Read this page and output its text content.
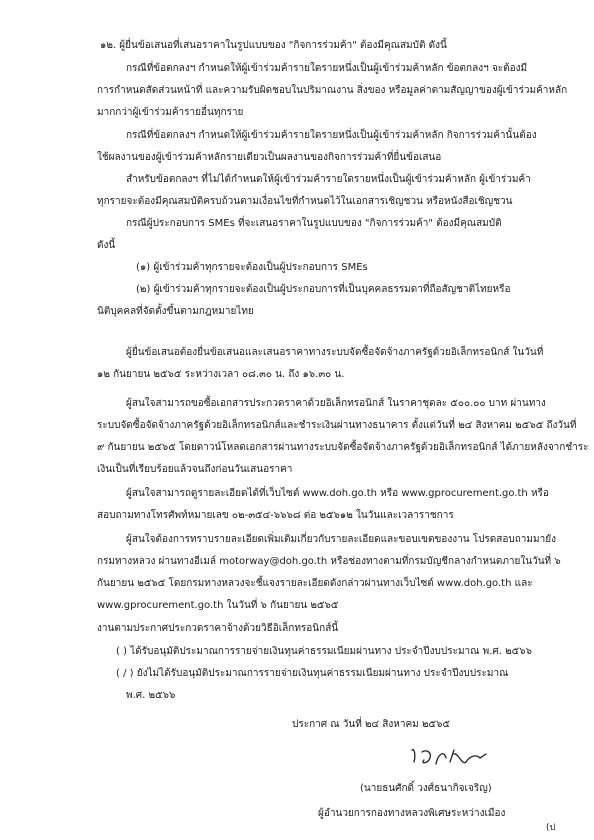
๑๒. ผู้ยื่นข้อเสนอที่เสนอราคาในรูปแบบของ "กิจการร่วมค้า" ต้องมีคุณสมบัติ ดังนี้
กรณีที่ข้อตกลงฯ กำหนดให้ผู้เข้าร่วมค้ารายใดรายหนึ่งเป็นผู้เข้าร่วมค้าหลัก ข้อตกลงฯ จะต้องมี
การกำหนดสัดส่วนหน้าที่ และความรับผิดชอบในปริมาณงาน สิ่งของ หรือมูลค่าตามสัญญาของผู้เข้าร่วมค้าหลัก
มากกว่าผู้เข้าร่วมค้ารายอื่นทุกราย
กรณีที่ข้อตกลงฯ กำหนดให้ผู้เข้าร่วมค้ารายใดรายหนึ่งเป็นผู้เข้าร่วมค้าหลัก กิจการร่วมค้านั้นต้อง
ใช้ผลงานของผู้เข้าร่วมค้าหลักรายเดียวเป็นผลงานของกิจการร่วมค้าที่ยื่นข้อเสนอ
สำหรับข้อตกลงฯ ที่ไม่ได้กำหนดให้ผู้เข้าร่วมค้ารายใดรายหนึ่งเป็นผู้เข้าร่วมค้าหลัก ผู้เข้าร่วมค้า
ทุกรายจะต้องมีคุณสมบัติครบถ้วนตามเงื่อนไขที่กำหนดไว้ในเอกสารเชิญชวน หรือหนังสือเชิญชวน
กรณีผู้ประกอบการ SMEs ที่จะเสนอราคาในรูปแบบของ "กิจการร่วมค้า" ต้องมีคุณสมบัติ
ดังนี้
(๑) ผู้เข้าร่วมค้าทุกรายจะต้องเป็นผู้ประกอบการ SMEs
(๒) ผู้เข้าร่วมค้าทุกรายจะต้องเป็นผู้ประกอบการที่เป็นบุคคลธรรมดาที่ถือสัญชาติไทยหรือ
นิติบุคคลที่จัดตั้งขึ้นตามกฎหมายไทย
ผู้ยื่นข้อเสนอต้องยื่นข้อเสนอและเสนอราคาทางระบบจัดซื้อจัดจ้างภาครัฐด้วยอิเล็กทรอนิกส์ ในวันที่
๑๒ กันยายน ๒๕๖๕ ระหว่างเวลา ๐๘.๓๐ น. ถึง ๑๖.๓๐ น.
ผู้สนใจสามารถขอซื้อเอกสารประกวดราคาด้วยอิเล็กทรอนิกส์ ในราคาชุดละ ๕๐๐.๐๐ บาท ผ่านทาง
ระบบจัดซื้อจัดจ้างภาครัฐด้วยอิเล็กทรอนิกส์และชำระเงินผ่านทางธนาคาร ตั้งแต่วันที่ ๒๔ สิงหาคม ๒๕๖๕ ถึงวันที่
๙ กันยายน ๒๕๖๕ โดยดาวน์โหลดเอกสารผ่านทางระบบจัดซื้อจัดจ้างภาครัฐด้วยอิเล็กทรอนิกส์ ได้ภายหลังจากชำระ
เงินเป็นที่เรียบร้อยแล้วจนถึงก่อนวันเสนอราคา
ผู้สนใจสามารถดูรายละเอียดได้ที่เว็บไซต์ www.doh.go.th หรือ www.gprocurement.go.th หรือ
สอบถามทางโทรศัพท์หมายเลข ๐๒-๓๕๔-๖๖๖๘ ต่อ ๒๕๖๑๒ ในวันและเวลาราชการ
ผู้สนใจต้องการทราบรายละเอียดเพิ่มเติมเกี่ยวกับรายละเอียดและขอบเขตของงาน โปรดสอบถามมายัง
กรมทางหลวง ผ่านทางอีเมล์ motorway@doh.go.th หรือช่องทางตามที่กรมบัญชีกลางกำหนดภายในวันที่ ๖
กันยายน ๒๕๖๕ โดยกรมทางหลวงจะชี้แจงรายละเอียดดังกล่าวผ่านทางเว็บไซต์ www.doh.go.th และ
www.gprocurement.go.th ในวันที่ ๖ กันยายน ๒๕๖๕
งานตามประกาศประกวดราคาจ้างด้วยวิธีอิเล็กทรอนิกส์นี้
( ) ได้รับอนุมัติประมาณการรายจ่ายเงินทุนค่าธรรมเนียมผ่านทาง ประจำปีงบประมาณ พ.ศ. ๒๕๖๖
( / ) ยังไม่ได้รับอนุมัติประมาณการรายจ่ายเงินทุนค่าธรรมเนียมผ่านทาง ประจำปีงบประมาณ
พ.ศ. ๒๕๖๖
ประกาศ ณ วันที่ ๒๔ สิงหาคม ๒๕๖๕
(นายธนศักดิ์ วงศ์ธนากิจเจริญ)
ผู้อำนวยการกองทางหลวงพิเศษระหว่างเมือง
(ป
